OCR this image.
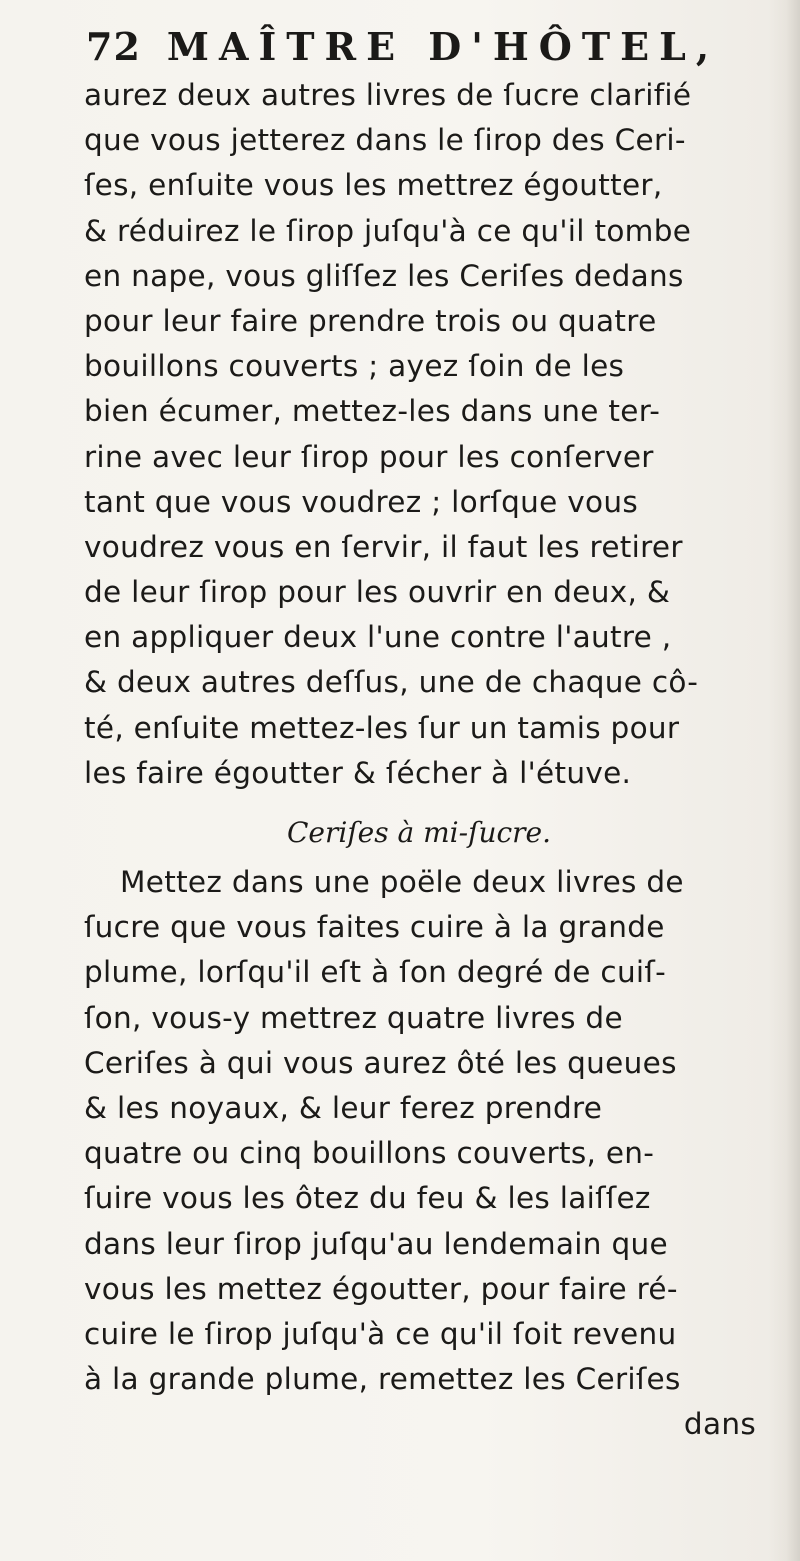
72 MAÎTRE D'HÔTEL,
aurez deux autres livres de ſucre clarifié
que vous jetterez dans le ſirop des Ceri-
ſes, enſuite vous les mettrez égoutter,
& réduirez le ſirop juſqu'à ce qu'il tombe
en nape, vous gliſſez les Ceriſes dedans
pour leur faire prendre trois ou quatre
bouillons couverts ; ayez ſoin de les
bien écumer, mettez-les dans une ter-
rine avec leur ſirop pour les conſerver
tant que vous voudrez ; lorſque vous
voudrez vous en ſervir, il faut les retirer
de leur ſirop pour les ouvrir en deux, &
en appliquer deux l'une contre l'autre ,
& deux autres deſſus, une de chaque cô-
té, enſuite mettez-les ſur un tamis pour
les faire égoutter & ſécher à l'étuve.
Ceriſes à mi-ſucre.
Mettez dans une poële deux livres de
ſucre que vous faites cuire à la grande
plume, lorſqu'il eſt à ſon degré de cuiſ-
ſon, vous-y mettrez quatre livres de
Ceriſes à qui vous aurez ôté les queues
& les noyaux, & leur ferez prendre
quatre ou cinq bouillons couverts, en-
ſuire vous les ôtez du feu & les laiſſez
dans leur ſirop juſqu'au lendemain que
vous les mettez égoutter, pour faire ré-
cuire le ſirop juſqu'à ce qu'il ſoit revenu
à la grande plume, remettez les Ceriſes
dans
